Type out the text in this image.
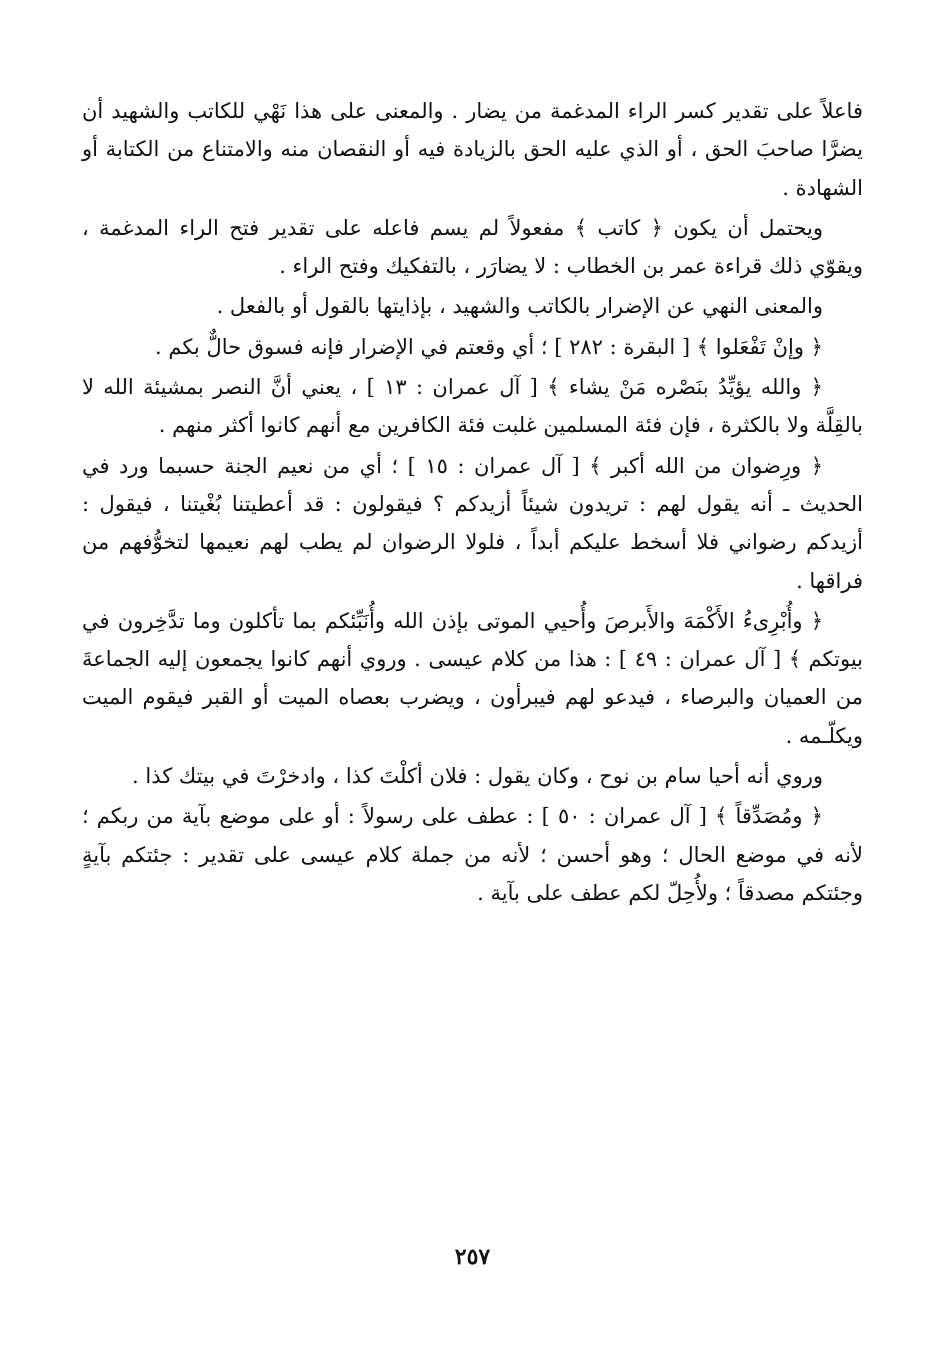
فاعلاً على تقدير كسر الراء المدغمة من يضار . والمعنى على هذا نَهْي للكاتب والشهيد أن يضرَّا صاحبَ الحق ، أو الذي عليه الحق بالزيادة فيه أو النقصان منه والامتناع من الكتابة أو الشهادة .

ويحتمل أن يكون ﴿ كاتب ﴾ مفعولاً لم يسم فاعله على تقدير فتح الراء المدغمة ، ويقوّي ذلك قراءة عمر بن الخطاب : لا يضارَر ، بالتفكيك وفتح الراء .

والمعنى النهي عن الإضرار بالكاتب والشهيد ، بإذايتها بالقول أو بالفعل .

﴿ وإنْ تَفْعَلوا ﴾ [ البقرة : ٢٨٢ ] ؛ أي وقعتم في الإضرار فإنه فسوق حالٌّ بكم .

﴿ والله يؤيِّدُ بنَصْره مَنْ يشاء ﴾ [ آل عمران : ١٣ ] ، يعني أنَّ النصر بمشيئة الله لا بالقِلَّة ولا بالكثرة ، فإن فئة المسلمين غلبت فئة الكافرين مع أنهم كانوا أكثر منهم .

﴿ ورِضوان من الله أكبر ﴾ [ آل عمران : ١٥ ] ؛ أي من نعيم الجنة حسبما ورد في الحديث ـ أنه يقول لهم : تريدون شيئاً أزيدكم ؟ فيقولون : قد أعطيتنا بُغْيتنا ، فيقول : أزيدكم رضواني فلا أسخط عليكم أبداً ، فلولا الرضوان لم يطب لهم نعيمها لتخوُّفهم من فراقها .

﴿ وأُبْرِىءُ الأَكْمَهَ والأَبرصَ وأُحيي الموتى بإذن الله وأُنَبِّئكم بما تأكلون وما تدَّخِرون في بيوتكم ﴾ [ آل عمران : ٤٩ ] : هذا من كلام عيسى . وروي أنهم كانوا يجمعون إليه الجماعةَ من العميان والبرصاء ، فيدعو لهم فيبرأون ، ويضرب بعصاه الميت أو القبر فيقوم الميت ويكلّـمه .

وروي أنه أحيا سام بن نوح ، وكان يقول : فلان أكلْتَ كذا ، وادخرْتَ في بيتك كذا .

﴿ ومُصَدِّقاً ﴾ [ آل عمران : ٥٠ ] : عطف على رسولاً : أو على موضع بآية من ربكم ؛ لأنه في موضع الحال ؛ وهو أحسن ؛ لأنه من جملة كلام عيسى على تقدير : جئتكم بآيةٍ وجئتكم مصدقاً ؛ ولأُحِلّ لكم عطف على بآية .

٢٥٧
